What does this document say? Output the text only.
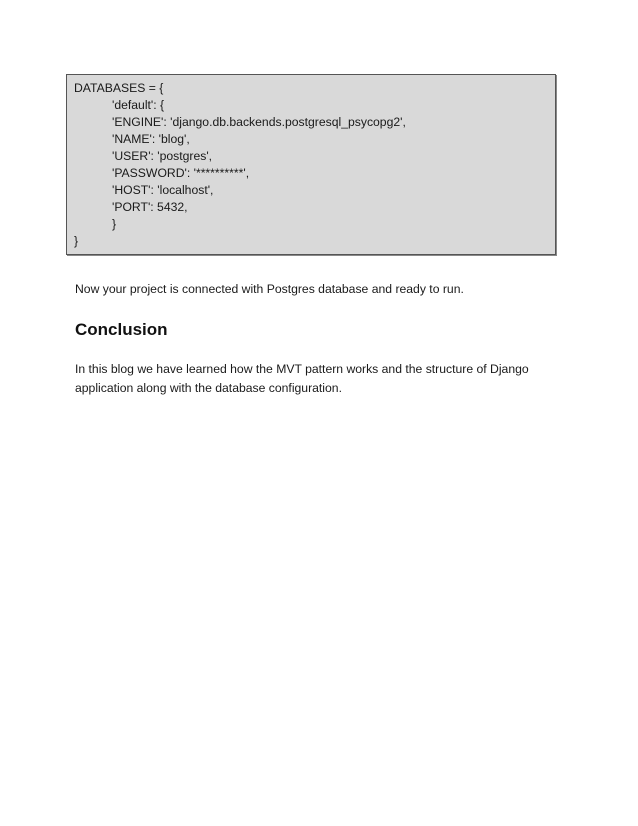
DATABASES = {
'default': {
'ENGINE': 'django.db.backends.postgresql_psycopg2',
'NAME': 'blog',
'USER': 'postgres',
'PASSWORD': '**********',
'HOST': 'localhost',
'PORT': 5432,
}
}

Now your project is connected with Postgres database and ready to run.

Conclusion

In this blog we have learned how the MVT pattern works and the structure of Django

application along with the database configuration.
